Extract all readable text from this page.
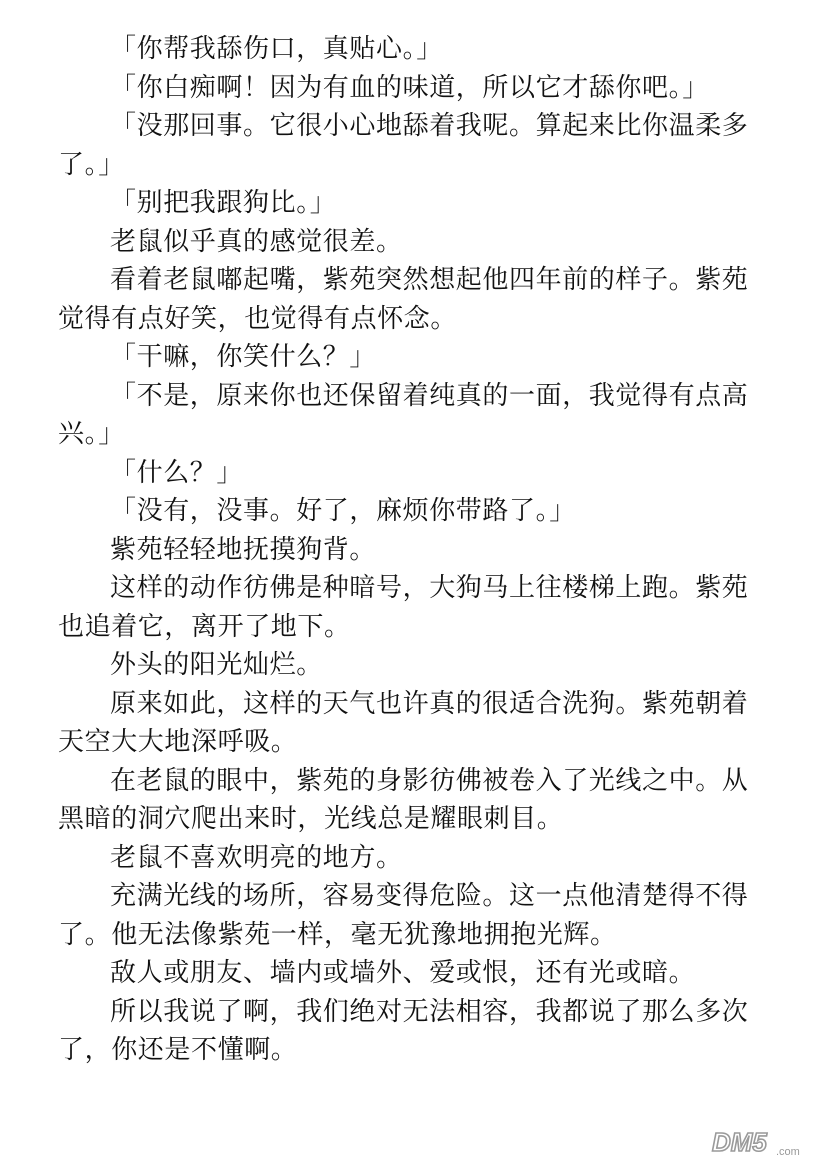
「你帮我舔伤口，真贴心。」

「你白痴啊！因为有血的味道，所以它才舔你吧。」

「没那回事。它很小心地舔着我呢。算起来比你温柔多了。」

「别把我跟狗比。」

老鼠似乎真的感觉很差。

看着老鼠嘟起嘴，紫苑突然想起他四年前的样子。紫苑觉得有点好笑，也觉得有点怀念。

「干嘛，你笑什么？」

「不是，原来你也还保留着纯真的一面，我觉得有点高兴。」

「什么？」

「没有，没事。好了，麻烦你带路了。」

紫苑轻轻地抚摸狗背。

这样的动作彷佛是种暗号，大狗马上往楼梯上跑。紫苑也追着它，离开了地下。

外头的阳光灿烂。

原来如此，这样的天气也许真的很适合洗狗。紫苑朝着天空大大地深呼吸。

在老鼠的眼中，紫苑的身影彷佛被卷入了光线之中。从黑暗的洞穴爬出来时，光线总是耀眼刺目。

老鼠不喜欢明亮的地方。

充满光线的场所，容易变得危险。这一点他清楚得不得了。他无法像紫苑一样，毫无犹豫地拥抱光辉。

敌人或朋友、墙内或墙外、爱或恨，还有光或暗。

所以我说了啊，我们绝对无法相容，我都说了那么多次了，你还是不懂啊。

DM5 .com
